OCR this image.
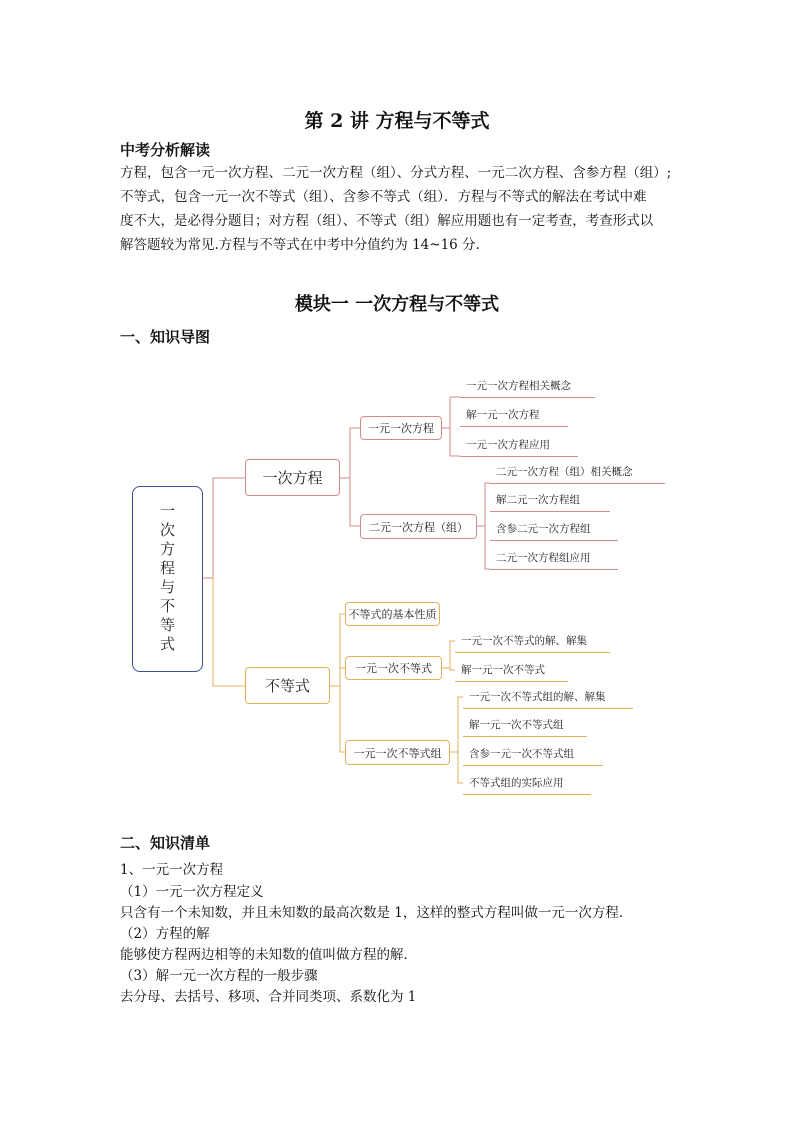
第 2 讲 方程与不等式
中考分析解读
方程，包含一元一次方程、二元一次方程（组）、分式方程、一元二次方程、含参方程（组）;
不等式，包含一元一次不等式（组）、含参不等式（组）．方程与不等式的解法在考试中难
度不大，是必得分题目；对方程（组）、不等式（组）解应用题也有一定考查，考查形式以
解答题较为常见.方程与不等式在中考中分值约为 14~16 分.
模块一 一次方程与不等式
一、知识导图
一次方程与不等式
一次方程
不等式
一元一次方程
二元一次方程（组）
一元一次方程相关概念
解一元一次方程
一元一次方程应用
二元一次方程（组）相关概念
解二元一次方程组
含参二元一次方程组
二元一次方程组应用
不等式的基本性质
一元一次不等式
一元一次不等式组
一元一次不等式的解、解集
解一元一次不等式
一元一次不等式组的解、解集
解一元一次不等式组
含参一元一次不等式组
不等式组的实际应用
二、知识清单
1、一元一次方程
（1）一元一次方程定义
只含有一个未知数，并且未知数的最高次数是 1，这样的整式方程叫做一元一次方程．
（2）方程的解
能够使方程两边相等的未知数的值叫做方程的解．
（3）解一元一次方程的一般步骤
去分母、去括号、移项、合并同类项、系数化为 1
